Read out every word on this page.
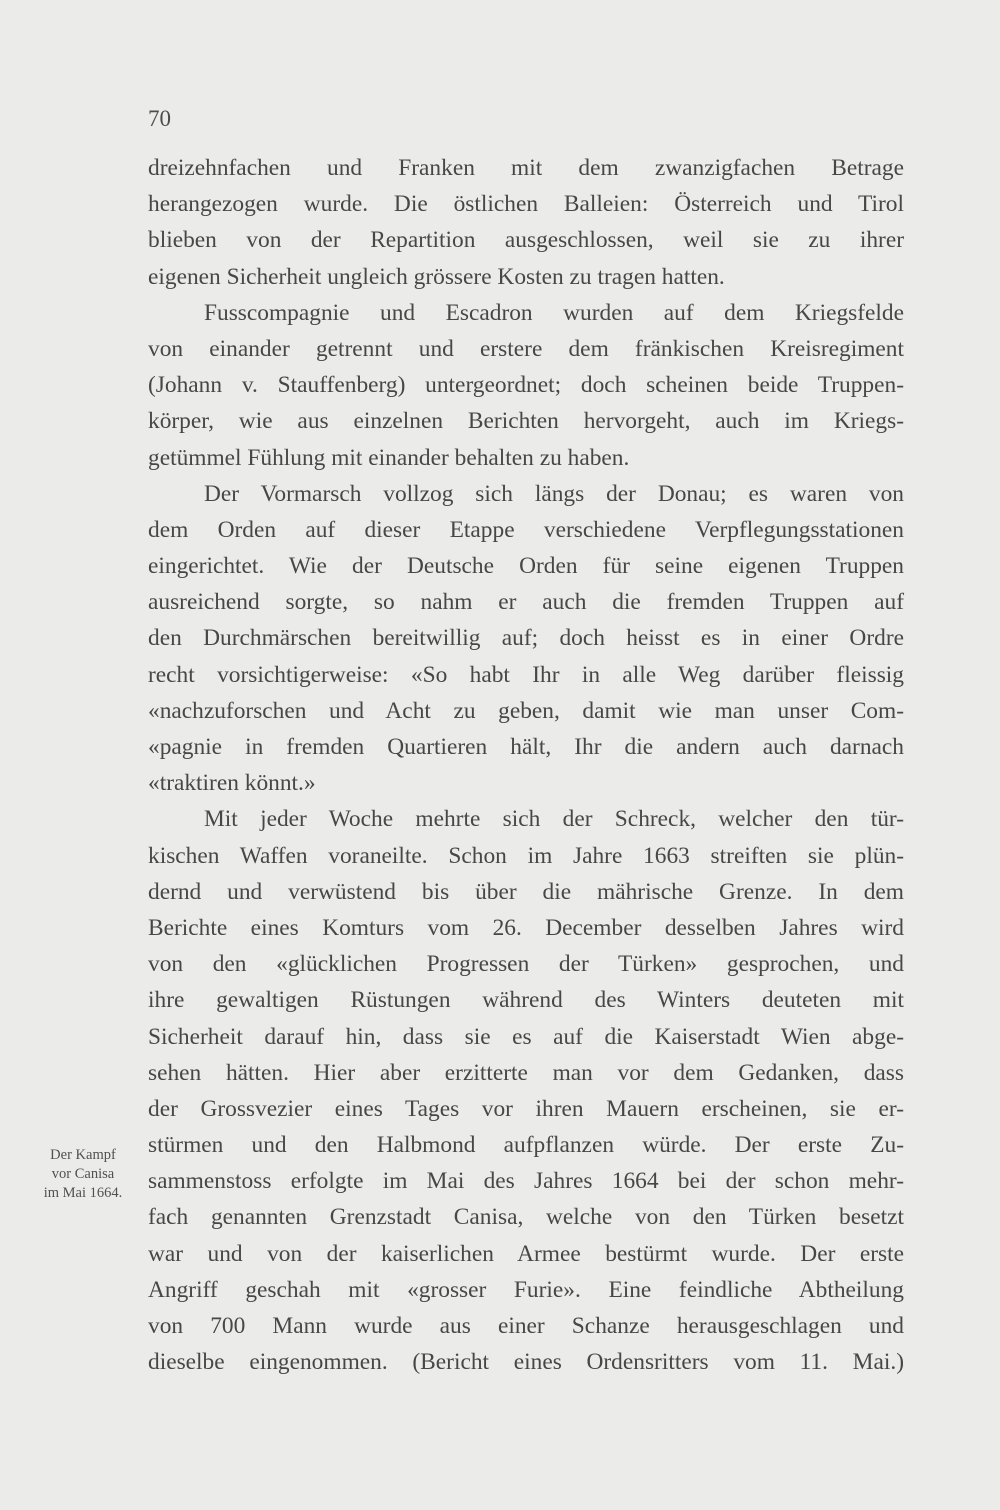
70
dreizehnfachen und Franken mit dem zwanzigfachen Betrage
herangezogen wurde. Die östlichen Balleien: Österreich und Tirol
blieben von der Repartition ausgeschlossen, weil sie zu ihrer
eigenen Sicherheit ungleich grössere Kosten zu tragen hatten.
Fusscompagnie und Escadron wurden auf dem Kriegsfelde
von einander getrennt und erstere dem fränkischen Kreisregiment
(Johann v. Stauffenberg) untergeordnet; doch scheinen beide Truppen-
körper, wie aus einzelnen Berichten hervorgeht, auch im Kriegs-
getümmel Fühlung mit einander behalten zu haben.
Der Vormarsch vollzog sich längs der Donau; es waren von
dem Orden auf dieser Etappe verschiedene Verpflegungsstationen
eingerichtet. Wie der Deutsche Orden für seine eigenen Truppen
ausreichend sorgte, so nahm er auch die fremden Truppen auf
den Durchmärschen bereitwillig auf; doch heisst es in einer Ordre
recht vorsichtigerweise: «So habt Ihr in alle Weg darüber fleissig
«nachzuforschen und Acht zu geben, damit wie man unser Com-
«pagnie in fremden Quartieren hält, Ihr die andern auch darnach
«traktiren könnt.»
Mit jeder Woche mehrte sich der Schreck, welcher den tür-
kischen Waffen voraneilte. Schon im Jahre 1663 streiften sie plün-
dernd und verwüstend bis über die mährische Grenze. In dem
Berichte eines Komturs vom 26. December desselben Jahres wird
von den «glücklichen Progressen der Türken» gesprochen, und
ihre gewaltigen Rüstungen während des Winters deuteten mit
Sicherheit darauf hin, dass sie es auf die Kaiserstadt Wien abge-
sehen hätten. Hier aber erzitterte man vor dem Gedanken, dass
der Grossvezier eines Tages vor ihren Mauern erscheinen, sie er-
stürmen und den Halbmond aufpflanzen würde. Der erste Zu-
sammenstoss erfolgte im Mai des Jahres 1664 bei der schon mehr-
fach genannten Grenzstadt Canisa, welche von den Türken besetzt
war und von der kaiserlichen Armee bestürmt wurde. Der erste
Angriff geschah mit «grosser Furie». Eine feindliche Abtheilung
von 700 Mann wurde aus einer Schanze herausgeschlagen und
dieselbe eingenommen. (Bericht eines Ordensritters vom 11. Mai.)
Der Kampf
vor Canisa
im Mai 1664.
